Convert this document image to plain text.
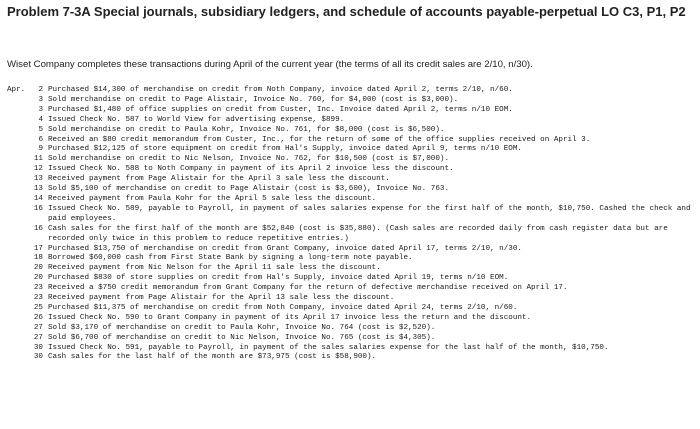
Problem 7-3A Special journals, subsidiary ledgers, and schedule of accounts payable-perpetual LO C3, P1, P2
Wiset Company completes these transactions during April of the current year (the terms of all its credit sales are 2/10, n/30).
Apr.	2 Purchased $14,300 of merchandise on credit from Noth Company, invoice dated April 2, terms 2/10, n/60.
3 Sold merchandise on credit to Page Alistair, Invoice No. 760, for $4,000 (cost is $3,000).
3 Purchased $1,480 of office supplies on credit from Custer, Inc. Invoice dated April 2, terms n/10 EOM.
4 Issued Check No. 587 to World View for advertising expense, $899.
5 Sold merchandise on credit to Paula Kohr, Invoice No. 761, for $8,000 (cost is $6,500).
6 Received an $80 credit memorandum from Custer, Inc., for the return of some of the office supplies received on April 3.
9 Purchased $12,125 of store equipment on credit from Hal's Supply, invoice dated April 9, terms n/10 EOM.
11 Sold merchandise on credit to Nic Nelson, Invoice No. 762, for $10,500 (cost is $7,000).
12 Issued Check No. 588 to Noth Company in payment of its April 2 invoice less the discount.
13 Received payment from Page Alistair for the April 3 sale less the discount.
13 Sold $5,100 of merchandise on credit to Page Alistair (cost is $3,600), Invoice No. 763.
14 Received payment from Paula Kohr for the April 5 sale less the discount.
16 Issued Check No. 589, payable to Payroll, in payment of sales salaries expense for the first half of the month, $10,750. Cashed the check and paid employees.
16 Cash sales for the first half of the month are $52,840 (cost is $35,880). (Cash sales are recorded daily from cash register data but are recorded only twice in this problem to reduce repetitive entries.)
17 Purchased $13,750 of merchandise on credit from Grant Company, invoice dated April 17, terms 2/10, n/30.
18 Borrowed $60,000 cash from First State Bank by signing a long-term note payable.
20 Received payment from Nic Nelson for the April 11 sale less the discount.
20 Purchased $830 of store supplies on credit from Hal's Supply, invoice dated April 19, terms n/10 EOM.
23 Received a $750 credit memorandum from Grant Company for the return of defective merchandise received on April 17.
23 Received payment from Page Alistair for the April 13 sale less the discount.
25 Purchased $11,375 of merchandise on credit from Noth Company, invoice dated April 24, terms 2/10, n/60.
26 Issued Check No. 590 to Grant Company in payment of its April 17 invoice less the return and the discount.
27 Sold $3,170 of merchandise on credit to Paula Kohr, Invoice No. 764 (cost is $2,520).
27 Sold $6,700 of merchandise on credit to Nic Nelson, Invoice No. 765 (cost is $4,305).
30 Issued Check No. 591, payable to Payroll, in payment of the sales salaries expense for the last half of the month, $10,750.
30 Cash sales for the last half of the month are $73,975 (cost is $58,900).
